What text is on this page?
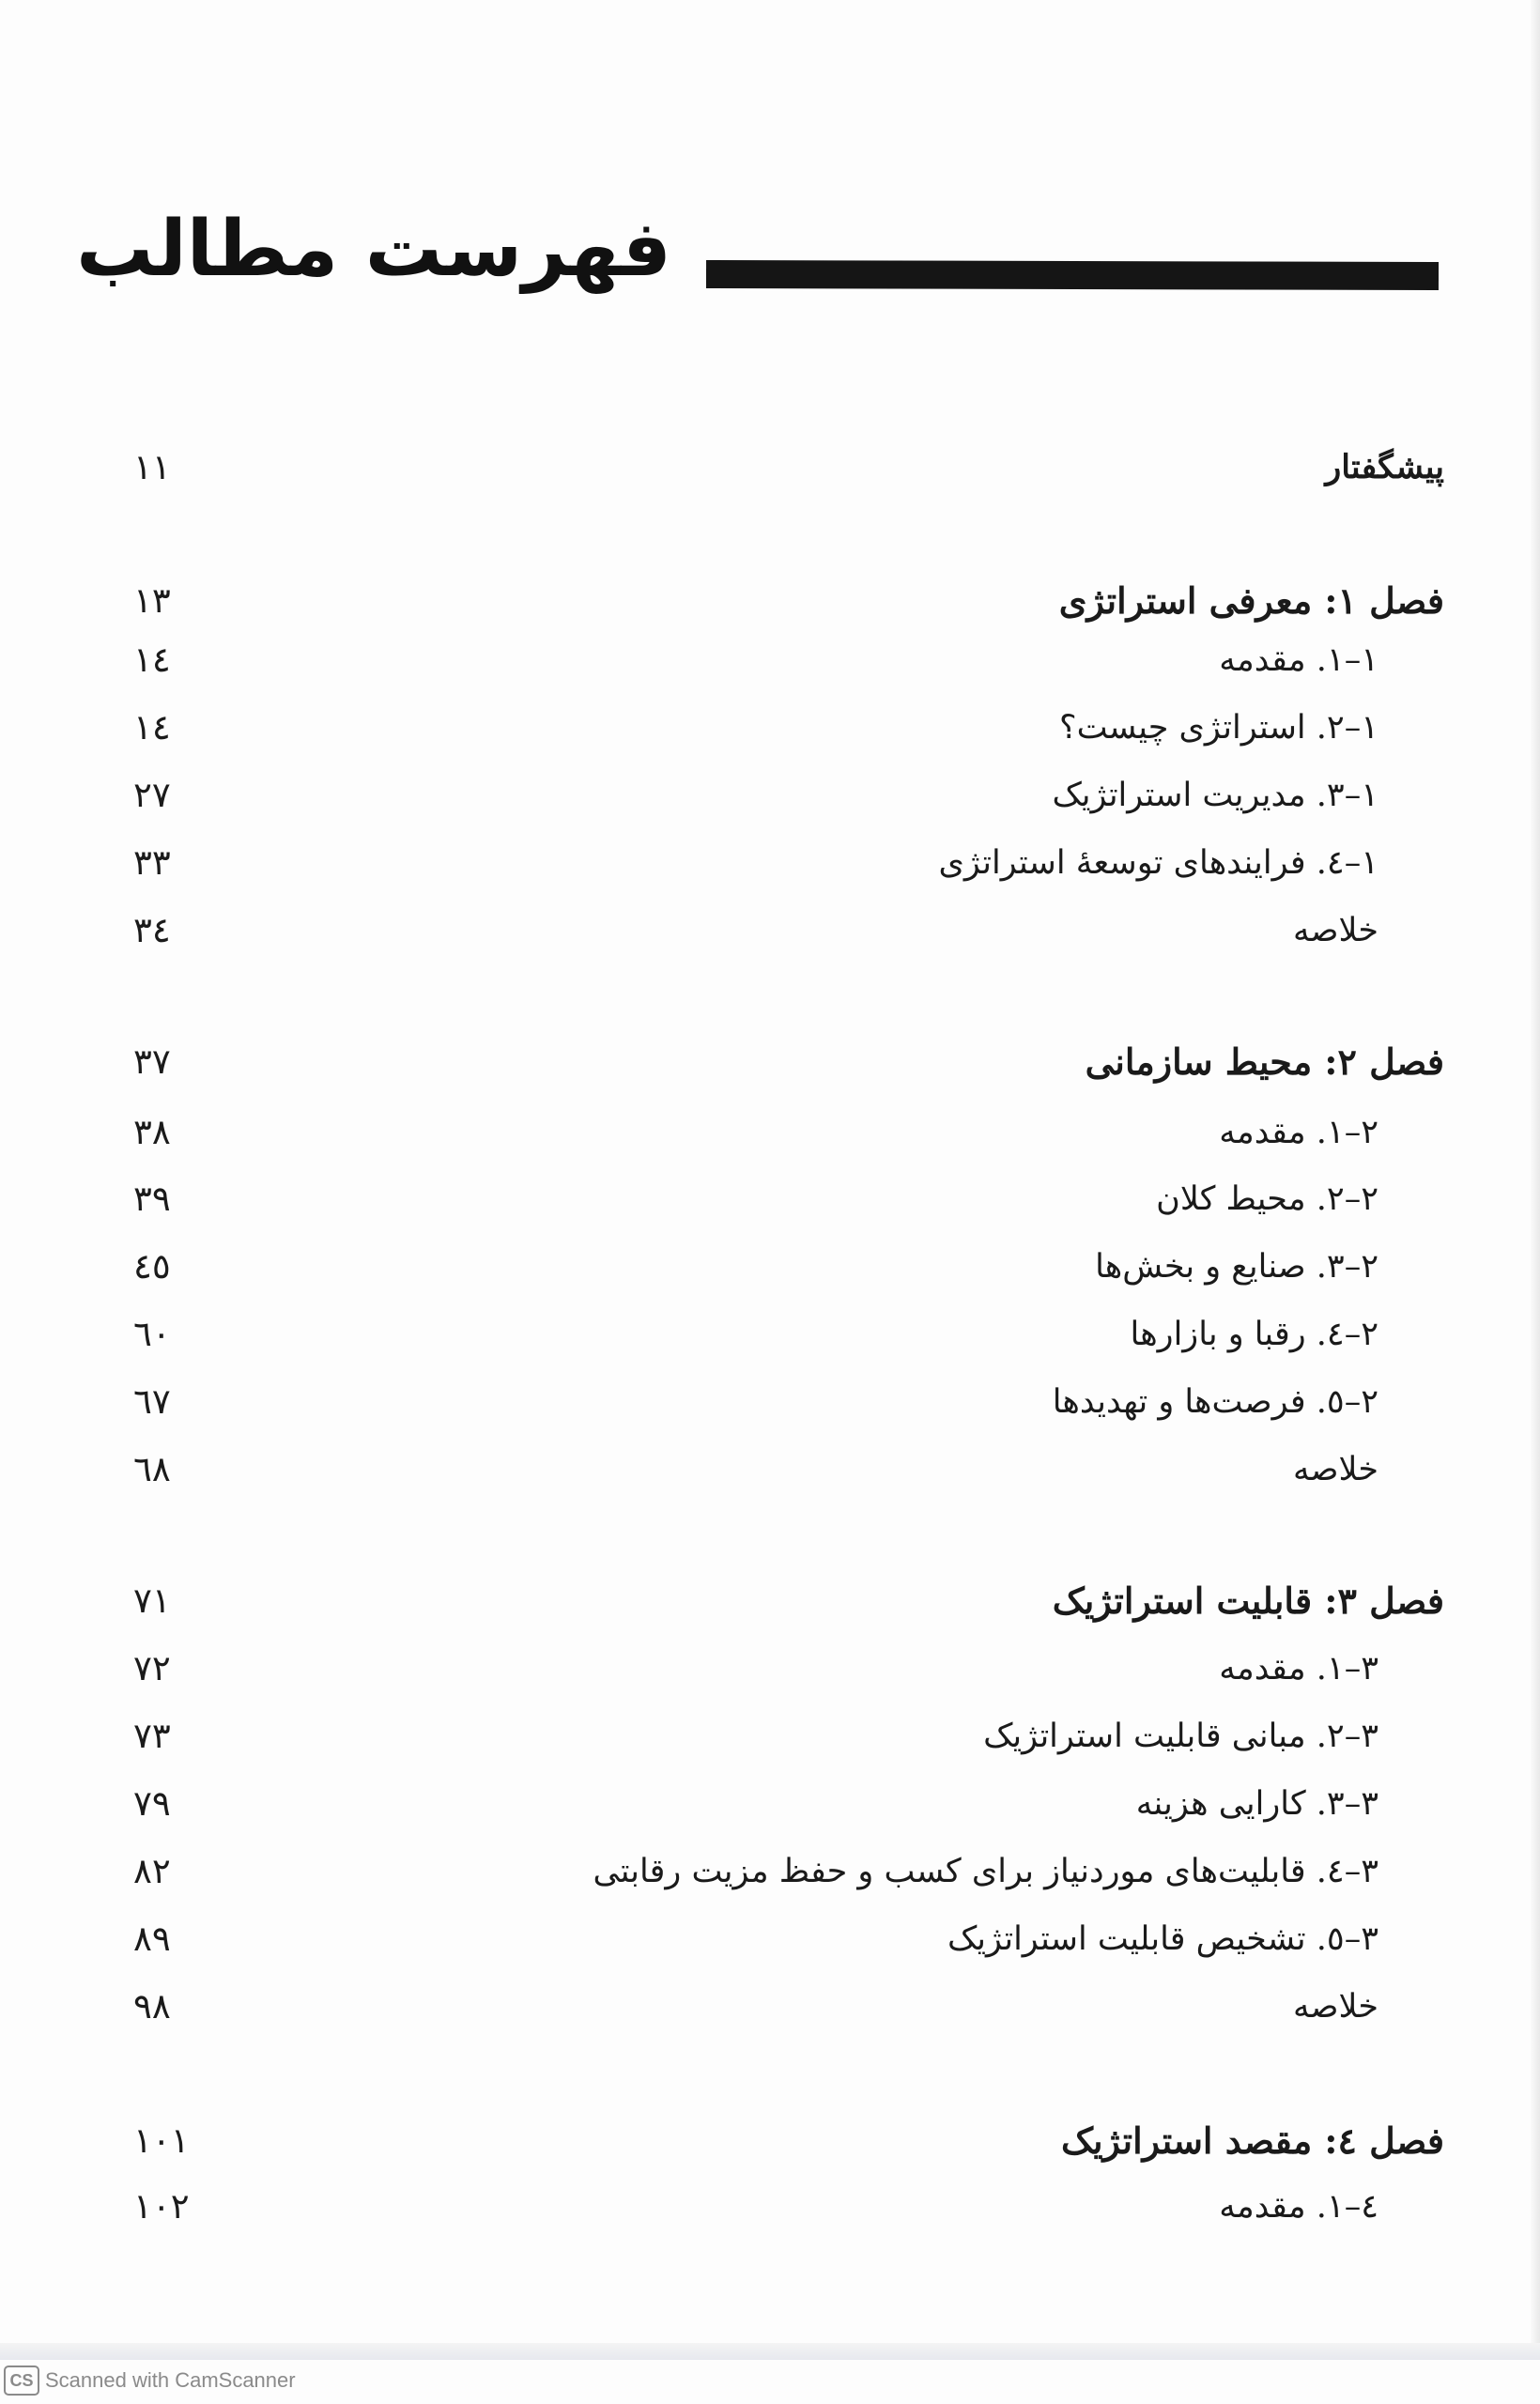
فهرست مطالب
پیشگفتار
۱۱
فصل ۱: معرفی استراتژی
۱۳
۱–۱. مقدمه
۱٤
۱–۲. استراتژی چیست؟
۱٤
۱–۳. مدیریت استراتژیک
۲۷
۱–٤. فرایندهای توسعهٔ استراتژی
۳۳
خلاصه
۳٤
فصل ۲: محیط سازمانی
۳۷
۲–۱. مقدمه
۳۸
۲–۲. محیط کلان
۳۹
۲–۳. صنایع و بخش‌ها
٤٥
۲–٤. رقبا و بازارها
٦۰
۲–٥. فرصت‌ها و تهدیدها
٦۷
خلاصه
٦۸
فصل ۳: قابلیت استراتژیک
۷۱
۳–۱. مقدمه
۷۲
۳–۲. مبانی قابلیت استراتژیک
۷۳
۳–۳. کارایی هزینه
۷۹
۳–٤. قابلیت‌های موردنیاز برای کسب و حفظ مزیت رقابتی
۸۲
۳–٥. تشخیص قابلیت استراتژیک
۸۹
خلاصه
۹۸
فصل ٤: مقصد استراتژیک
۱۰۱
٤–۱. مقدمه
۱۰۲
CS Scanned with CamScanner
